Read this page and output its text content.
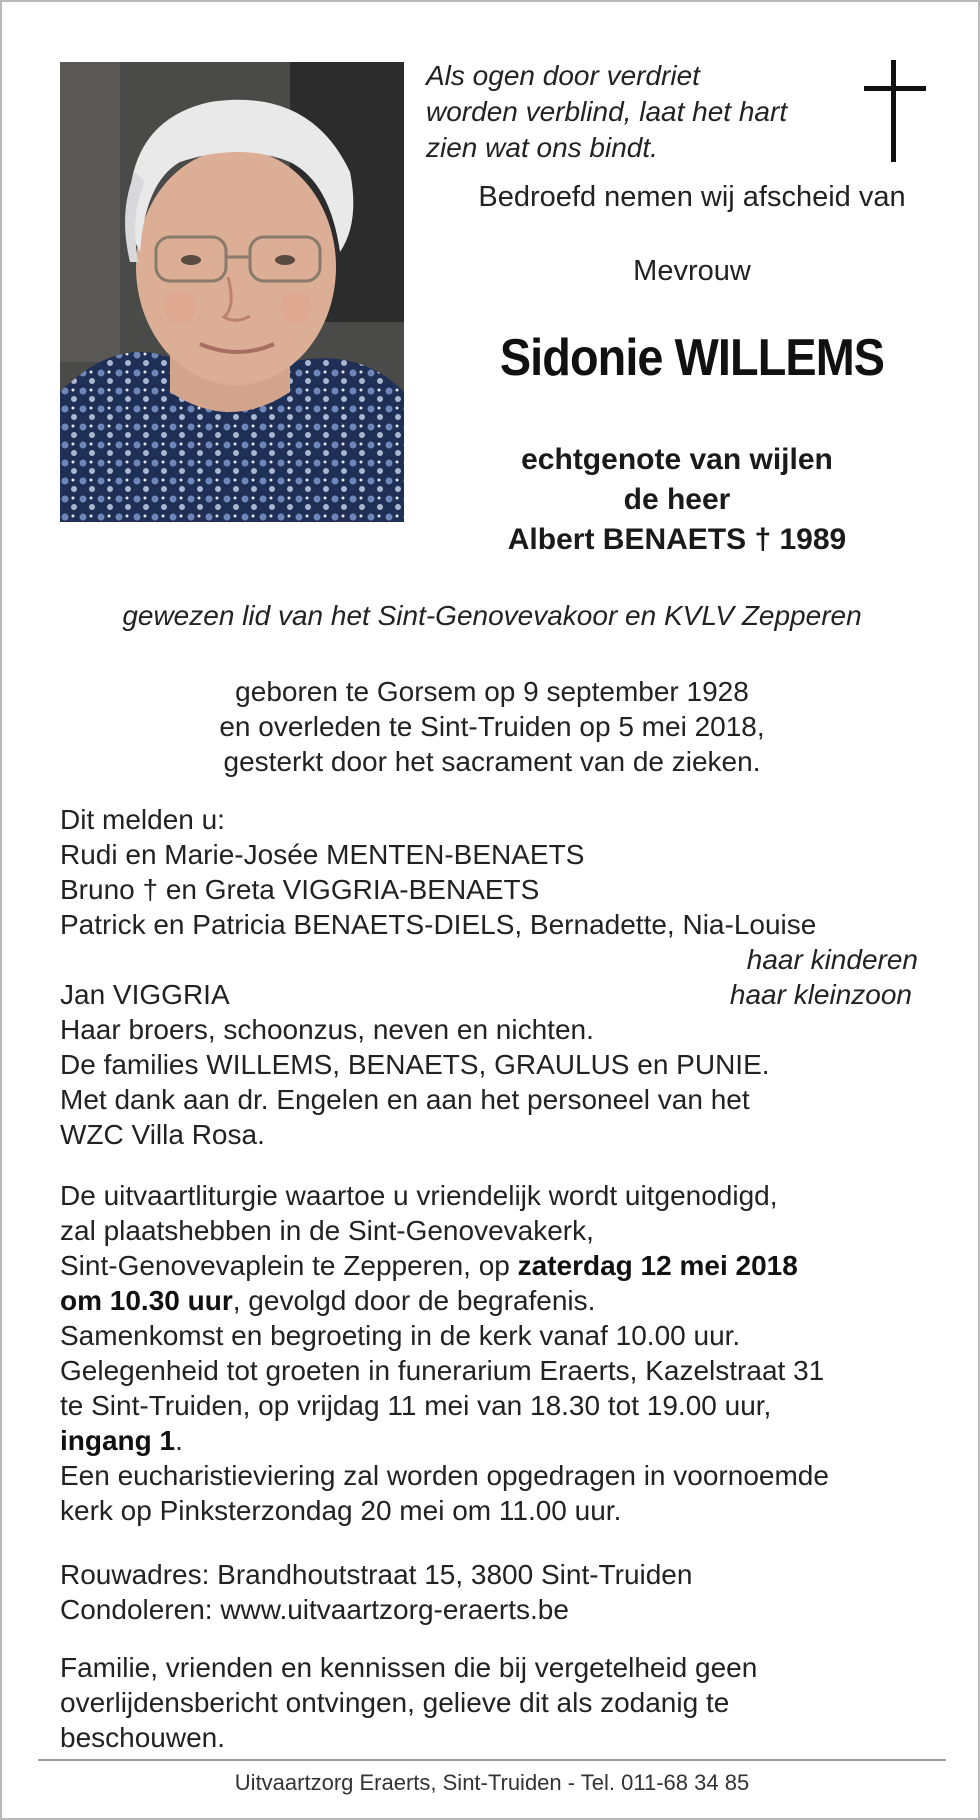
Als ogen door verdriet
worden verblind, laat het hart
zien wat ons bindt.
Bedroefd nemen wij afscheid van
Mevrouw
Sidonie WILLEMS
echtgenote van wijlen
de heer
Albert BENAETS † 1989
gewezen lid van het Sint-Genovevakoor en KVLV Zepperen
geboren te Gorsem op 9 september 1928
en overleden te Sint-Truiden op 5 mei 2018,
gesterkt door het sacrament van de zieken.
Dit melden u:
Rudi en Marie-Josée MENTEN-BENAETS
Bruno † en Greta VIGGRIA-BENAETS
Patrick en Patricia BENAETS-DIELS, Bernadette, Nia-Louise
haar kinderen
Jan VIGGRIA	haar kleinzoon
Haar broers, schoonzus, neven en nichten.
De families WILLEMS, BENAETS, GRAULUS en PUNIE.
Met dank aan dr. Engelen en aan het personeel van het
WZC Villa Rosa.
De uitvaartliturgie waartoe u vriendelijk wordt uitgenodigd,
zal plaatshebben in de Sint-Genovevakerk,
Sint-Genovevaplein te Zepperen, op zaterdag 12 mei 2018
om 10.30 uur, gevolgd door de begrafenis.
Samenkomst en begroeting in de kerk vanaf 10.00 uur.
Gelegenheid tot groeten in funerarium Eraerts, Kazelstraat 31
te Sint-Truiden, op vrijdag 11 mei van 18.30 tot 19.00 uur,
ingang 1.
Een eucharistieviering zal worden opgedragen in voornoemde
kerk op Pinksterzondag 20 mei om 11.00 uur.
Rouwadres: Brandhoutstraat 15, 3800 Sint-Truiden
Condoleren: www.uitvaartzorg-eraerts.be
Familie, vrienden en kennissen die bij vergetelheid geen
overlijdensbericht ontvingen, gelieve dit als zodanig te
beschouwen.
Uitvaartzorg Eraerts, Sint-Truiden - Tel. 011-68 34 85
